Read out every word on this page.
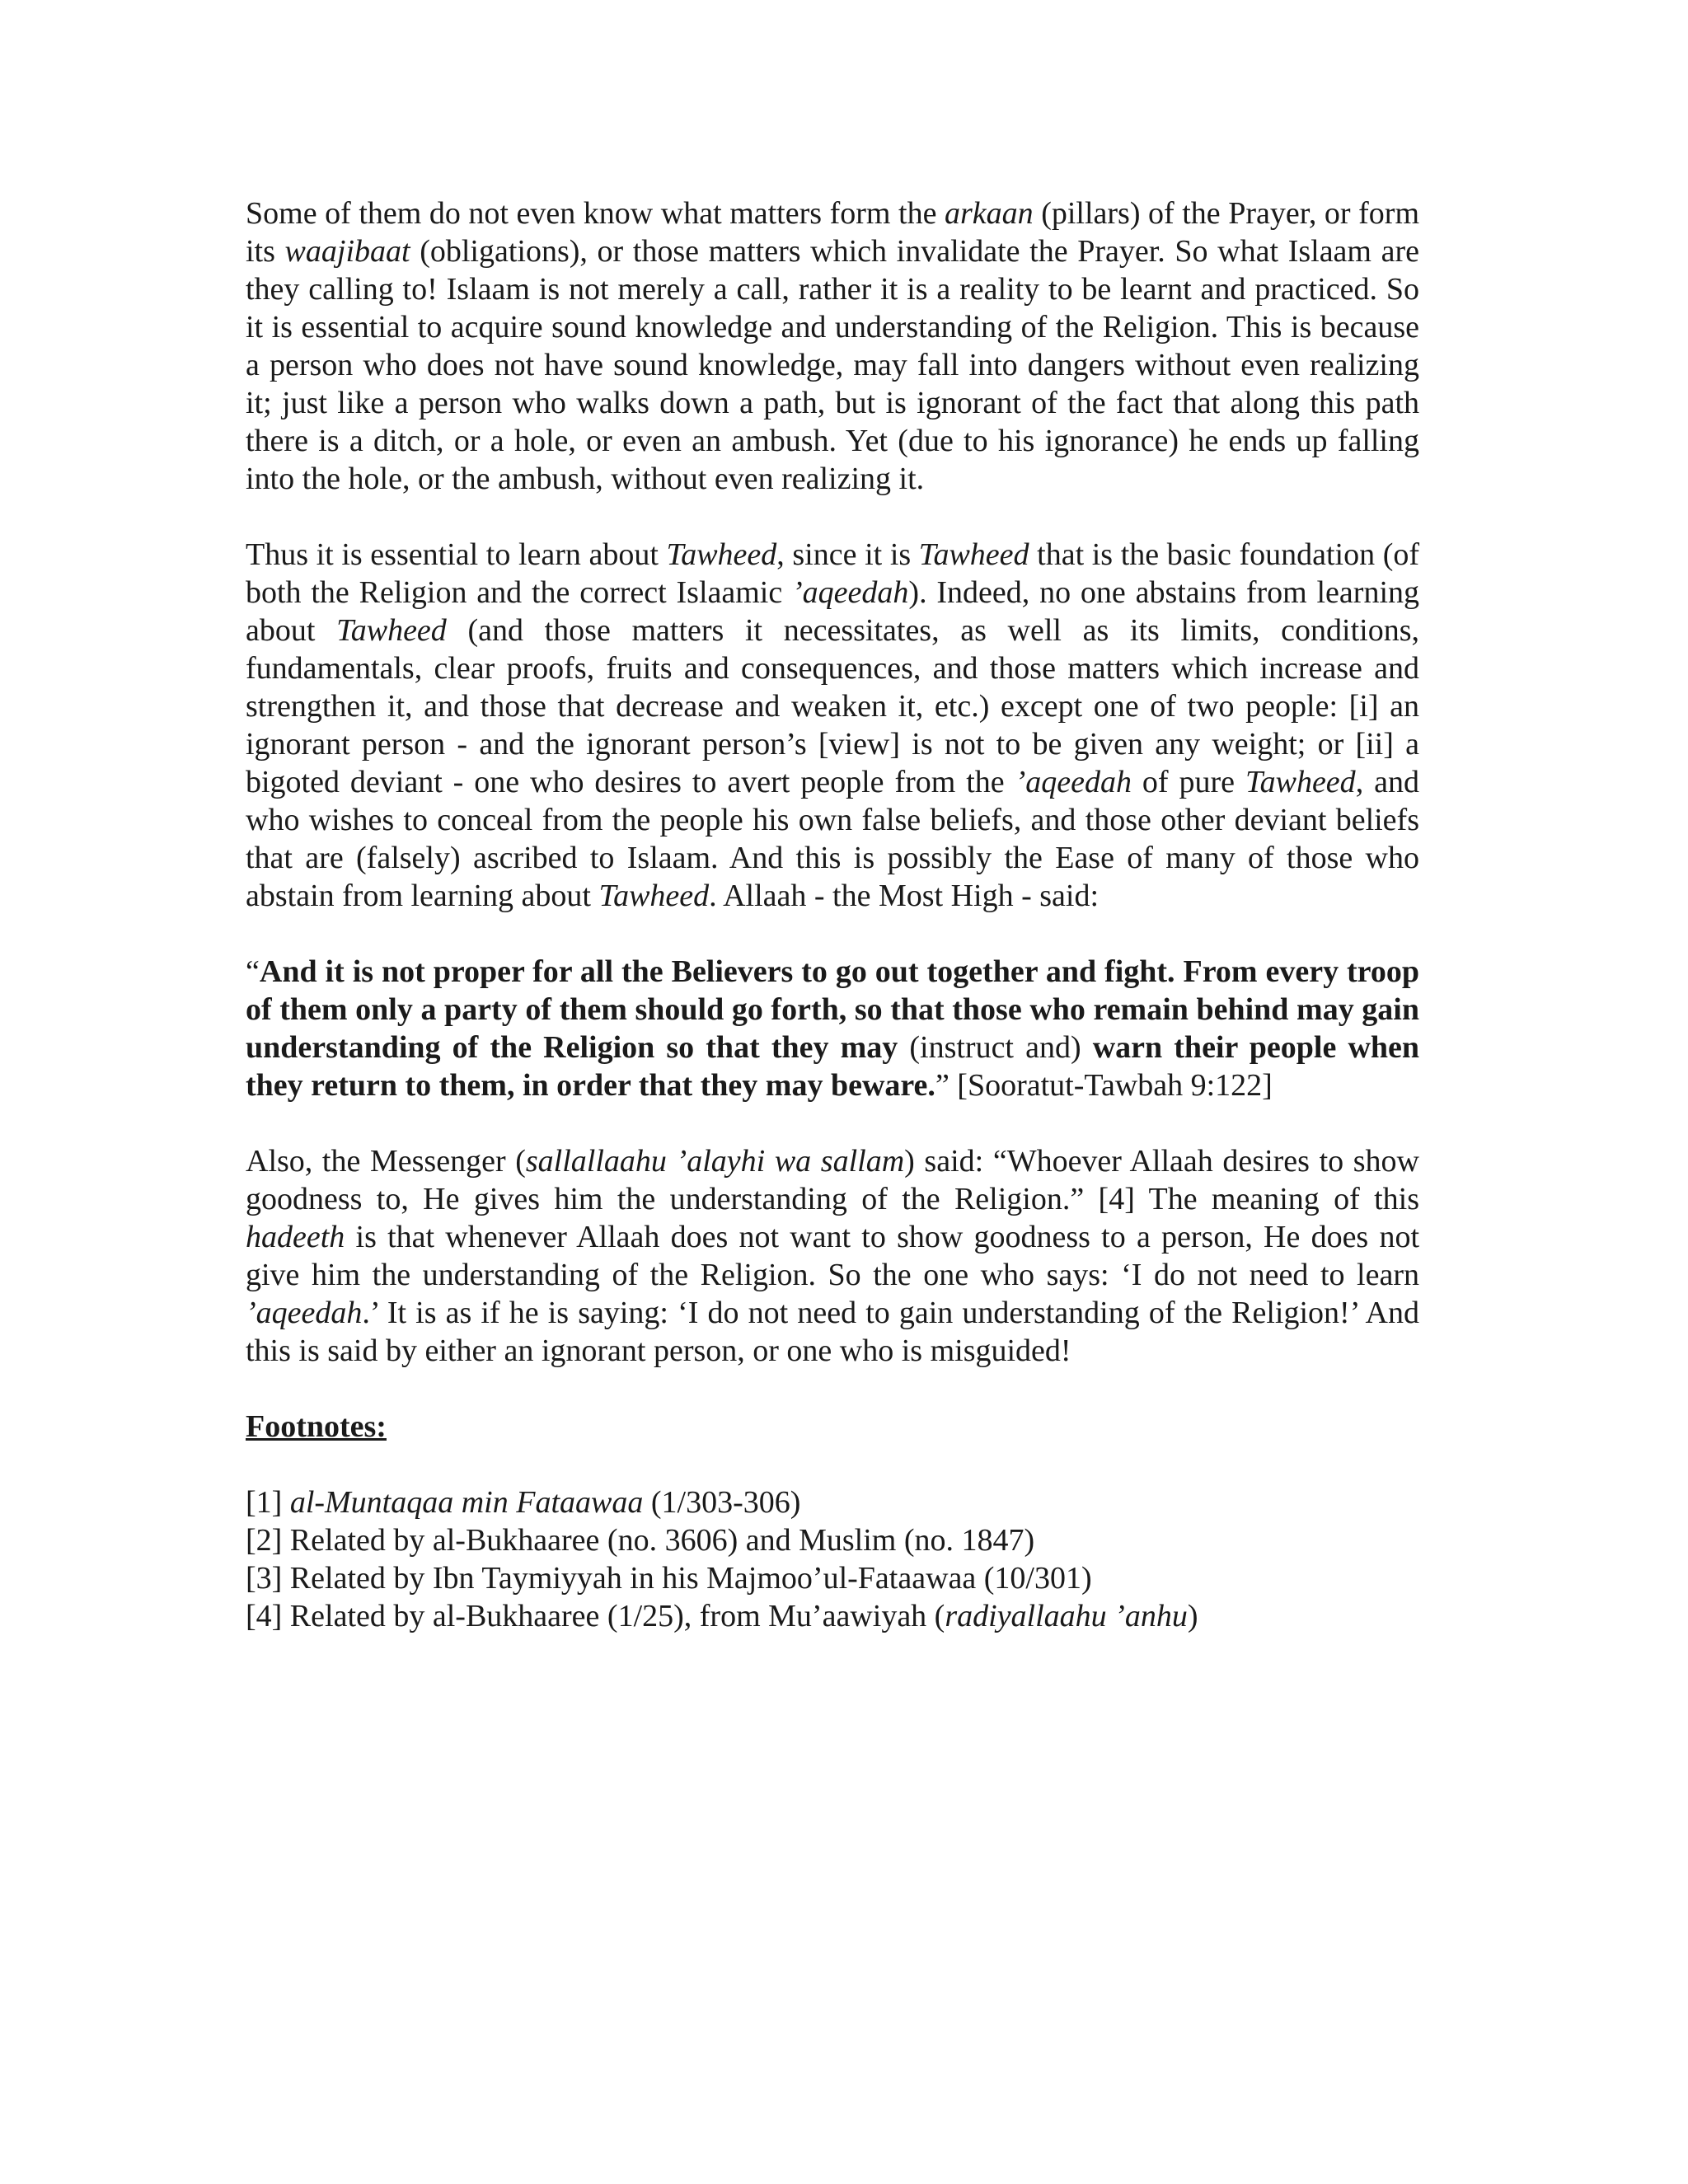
Some of them do not even know what matters form the arkaan (pillars) of the Prayer, or form its waajibaat (obligations), or those matters which invalidate the Prayer. So what Islaam are they calling to! Islaam is not merely a call, rather it is a reality to be learnt and practiced. So it is essential to acquire sound knowledge and understanding of the Religion. This is because a person who does not have sound knowledge, may fall into dangers without even realizing it; just like a person who walks down a path, but is ignorant of the fact that along this path there is a ditch, or a hole, or even an ambush. Yet (due to his ignorance) he ends up falling into the hole, or the ambush, without even realizing it.

Thus it is essential to learn about Tawheed, since it is Tawheed that is the basic foundation (of both the Religion and the correct Islaamic ’aqeedah). Indeed, no one abstains from learning about Tawheed (and those matters it necessitates, as well as its limits, conditions, fundamentals, clear proofs, fruits and consequences, and those matters which increase and strengthen it, and those that decrease and weaken it, etc.) except one of two people: [i] an ignorant person - and the ignorant person’s [view] is not to be given any weight; or [ii] a bigoted deviant - one who desires to avert people from the ’aqeedah of pure Tawheed, and who wishes to conceal from the people his own false beliefs, and those other deviant beliefs that are (falsely) ascribed to Islaam. And this is possibly the Ease of many of those who abstain from learning about Tawheed. Allaah - the Most High - said:

“And it is not proper for all the Believers to go out together and fight. From every troop of them only a party of them should go forth, so that those who remain behind may gain understanding of the Religion so that they may (instruct and) warn their people when they return to them, in order that they may beware.” [Sooratut-Tawbah 9:122]

Also, the Messenger (sallallaahu ’alayhi wa sallam) said: “Whoever Allaah desires to show goodness to, He gives him the understanding of the Religion.” [4] The meaning of this hadeeth is that whenever Allaah does not want to show goodness to a person, He does not give him the understanding of the Religion. So the one who says: ‘I do not need to learn ’aqeedah.’ It is as if he is saying: ‘I do not need to gain understanding of the Religion!’ And this is said by either an ignorant person, or one who is misguided!

Footnotes:
[1] al-Muntaqaa min Fataawaa (1/303-306)
[2] Related by al-Bukhaaree (no. 3606) and Muslim (no. 1847)
[3] Related by Ibn Taymiyyah in his Majmoo’ul-Fataawaa (10/301)
[4] Related by al-Bukhaaree (1/25), from Mu’aawiyah (radiyallaahu ’anhu)
